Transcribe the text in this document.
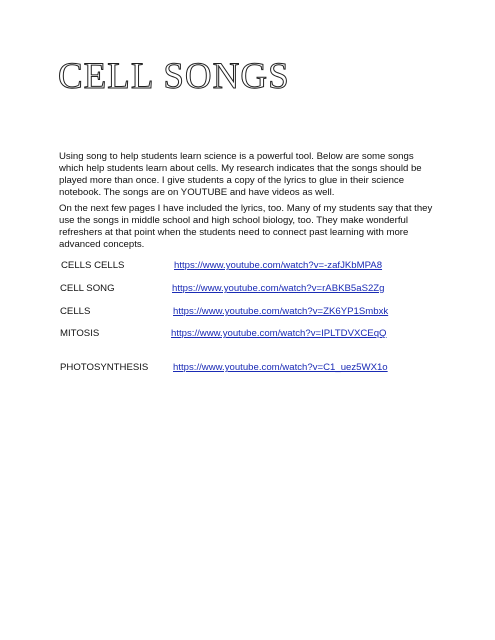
CELL SONGS

Using song to help students learn science is a powerful tool. Below are some songs which help students learn about cells. My research indicates that the songs should be played more than once. I give students a copy of the lyrics to glue in their science notebook. The songs are on YOUTUBE and have videos as well.

On the next few pages I have included the lyrics, too. Many of my students say that they use the songs in middle school and high school biology, too. They make wonderful refreshers at that point when the students need to connect past learning with more advanced concepts.

CELLS CELLS	https://www.youtube.com/watch?v=-zafJKbMPA8
CELL SONG	https://www.youtube.com/watch?v=rABKB5aS2Zg
CELLS	https://www.youtube.com/watch?v=ZK6YP1Smbxk
MITOSIS	https://www.youtube.com/watch?v=IPLTDVXCEqQ
PHOTOSYNTHESIS	https://www.youtube.com/watch?v=C1_uez5WX1o
